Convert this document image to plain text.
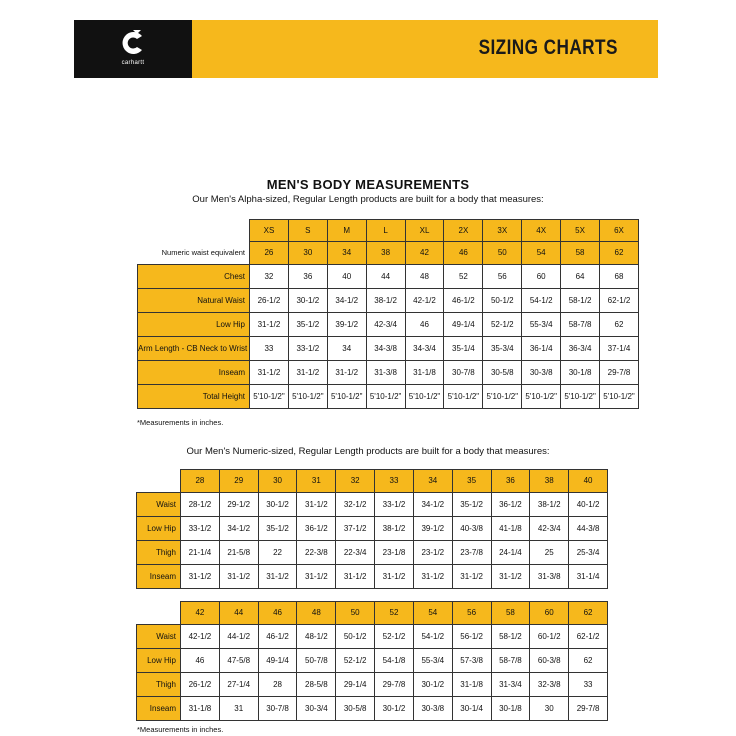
carhartt
SIZING CHARTS
MEN'S BODY MEASUREMENTS
Our Men's Alpha-sized, Regular Length products are built for a body that measures:
	XS	S	M	L	XL	2X	3X	4X	5X	6X
Numeric waist equivalent	26	30	34	38	42	46	50	54	58	62
Chest	32	36	40	44	48	52	56	60	64	68
Natural Waist	26-1/2	30-1/2	34-1/2	38-1/2	42-1/2	46-1/2	50-1/2	54-1/2	58-1/2	62-1/2
Low Hip	31-1/2	35-1/2	39-1/2	42-3/4	46	49-1/4	52-1/2	55-3/4	58-7/8	62
Arm Length - CB Neck to Wrist	33	33-1/2	34	34-3/8	34-3/4	35-1/4	35-3/4	36-1/4	36-3/4	37-1/4
Inseam	31-1/2	31-1/2	31-1/2	31-3/8	31-1/8	30-7/8	30-5/8	30-3/8	30-1/8	29-7/8
Total Height	5'10-1/2"	5'10-1/2"	5'10-1/2"	5'10-1/2"	5'10-1/2"	5'10-1/2"	5'10-1/2"	5'10-1/2"	5'10-1/2"	5'10-1/2"
*Measurements in inches.
Our Men's Numeric-sized, Regular Length products are built for a body that measures:
	28	29	30	31	32	33	34	35	36	38	40
Waist	28-1/2	29-1/2	30-1/2	31-1/2	32-1/2	33-1/2	34-1/2	35-1/2	36-1/2	38-1/2	40-1/2
Low Hip	33-1/2	34-1/2	35-1/2	36-1/2	37-1/2	38-1/2	39-1/2	40-3/8	41-1/8	42-3/4	44-3/8
Thigh	21-1/4	21-5/8	22	22-3/8	22-3/4	23-1/8	23-1/2	23-7/8	24-1/4	25	25-3/4
Inseam	31-1/2	31-1/2	31-1/2	31-1/2	31-1/2	31-1/2	31-1/2	31-1/2	31-1/2	31-3/8	31-1/4
	42	44	46	48	50	52	54	56	58	60	62
Waist	42-1/2	44-1/2	46-1/2	48-1/2	50-1/2	52-1/2	54-1/2	56-1/2	58-1/2	60-1/2	62-1/2
Low Hip	46	47-5/8	49-1/4	50-7/8	52-1/2	54-1/8	55-3/4	57-3/8	58-7/8	60-3/8	62
Thigh	26-1/2	27-1/4	28	28-5/8	29-1/4	29-7/8	30-1/2	31-1/8	31-3/4	32-3/8	33
Inseam	31-1/8	31	30-7/8	30-3/4	30-5/8	30-1/2	30-3/8	30-1/4	30-1/8	30	29-7/8
*Measurements in inches.
